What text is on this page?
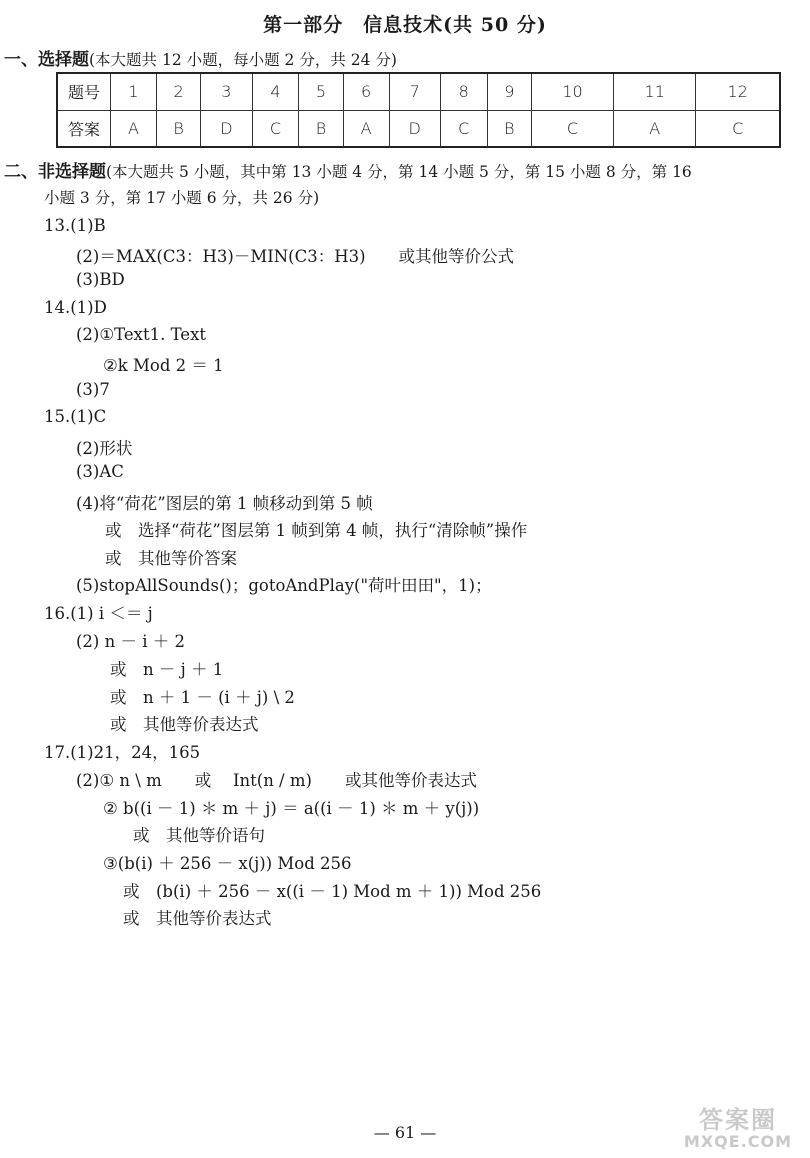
第一部分　信息技术(共 50 分)
一、选择题(本大题共 12 小题，每小题 2 分，共 24 分)
题号	1	2	3	4	5	6	7	8	9	10	11	12
答案	A	B	D	C	B	A	D	C	B	C	A	C
二、非选择题(本大题共 5 小题，其中第 13 小题 4 分，第 14 小题 5 分，第 15 小题 8 分，第 16
小题 3 分，第 17 小题 6 分，共 26 分)
13.(1)B
(2)＝MAX(C3：H3)－MIN(C3：H3)　　或其他等价公式
(3)BD
14.(1)D
(2)①Text1. Text
②k Mod 2 ＝ 1
(3)7
15.(1)C
(2)形状
(3)AC
(4)将“荷花”图层的第 1 帧移动到第 5 帧
或　选择“荷花”图层第 1 帧到第 4 帧，执行“清除帧”操作
或　其他等价答案
(5)stopAllSounds()；gotoAndPlay("荷叶田田"，1)；
16.(1) i ＜＝ j
(2) n － i ＋ 2
或　n － j ＋ 1
或　n ＋ 1 － (i ＋ j) \ 2
或　其他等价表达式
17.(1)21，24，165
(2)① n \ m　　或　 Int(n / m)　　或其他等价表达式
② b((i － 1) ＊ m ＋ j) ＝ a((i － 1) ＊ m ＋ y(j))
或　其他等价语句
③(b(i) ＋ 256 － x(j)) Mod 256
或　(b(i) ＋ 256 － x((i － 1) Mod m ＋ 1)) Mod 256
或　其他等价表达式
— 61 —	答案圈
MXQE.COM
